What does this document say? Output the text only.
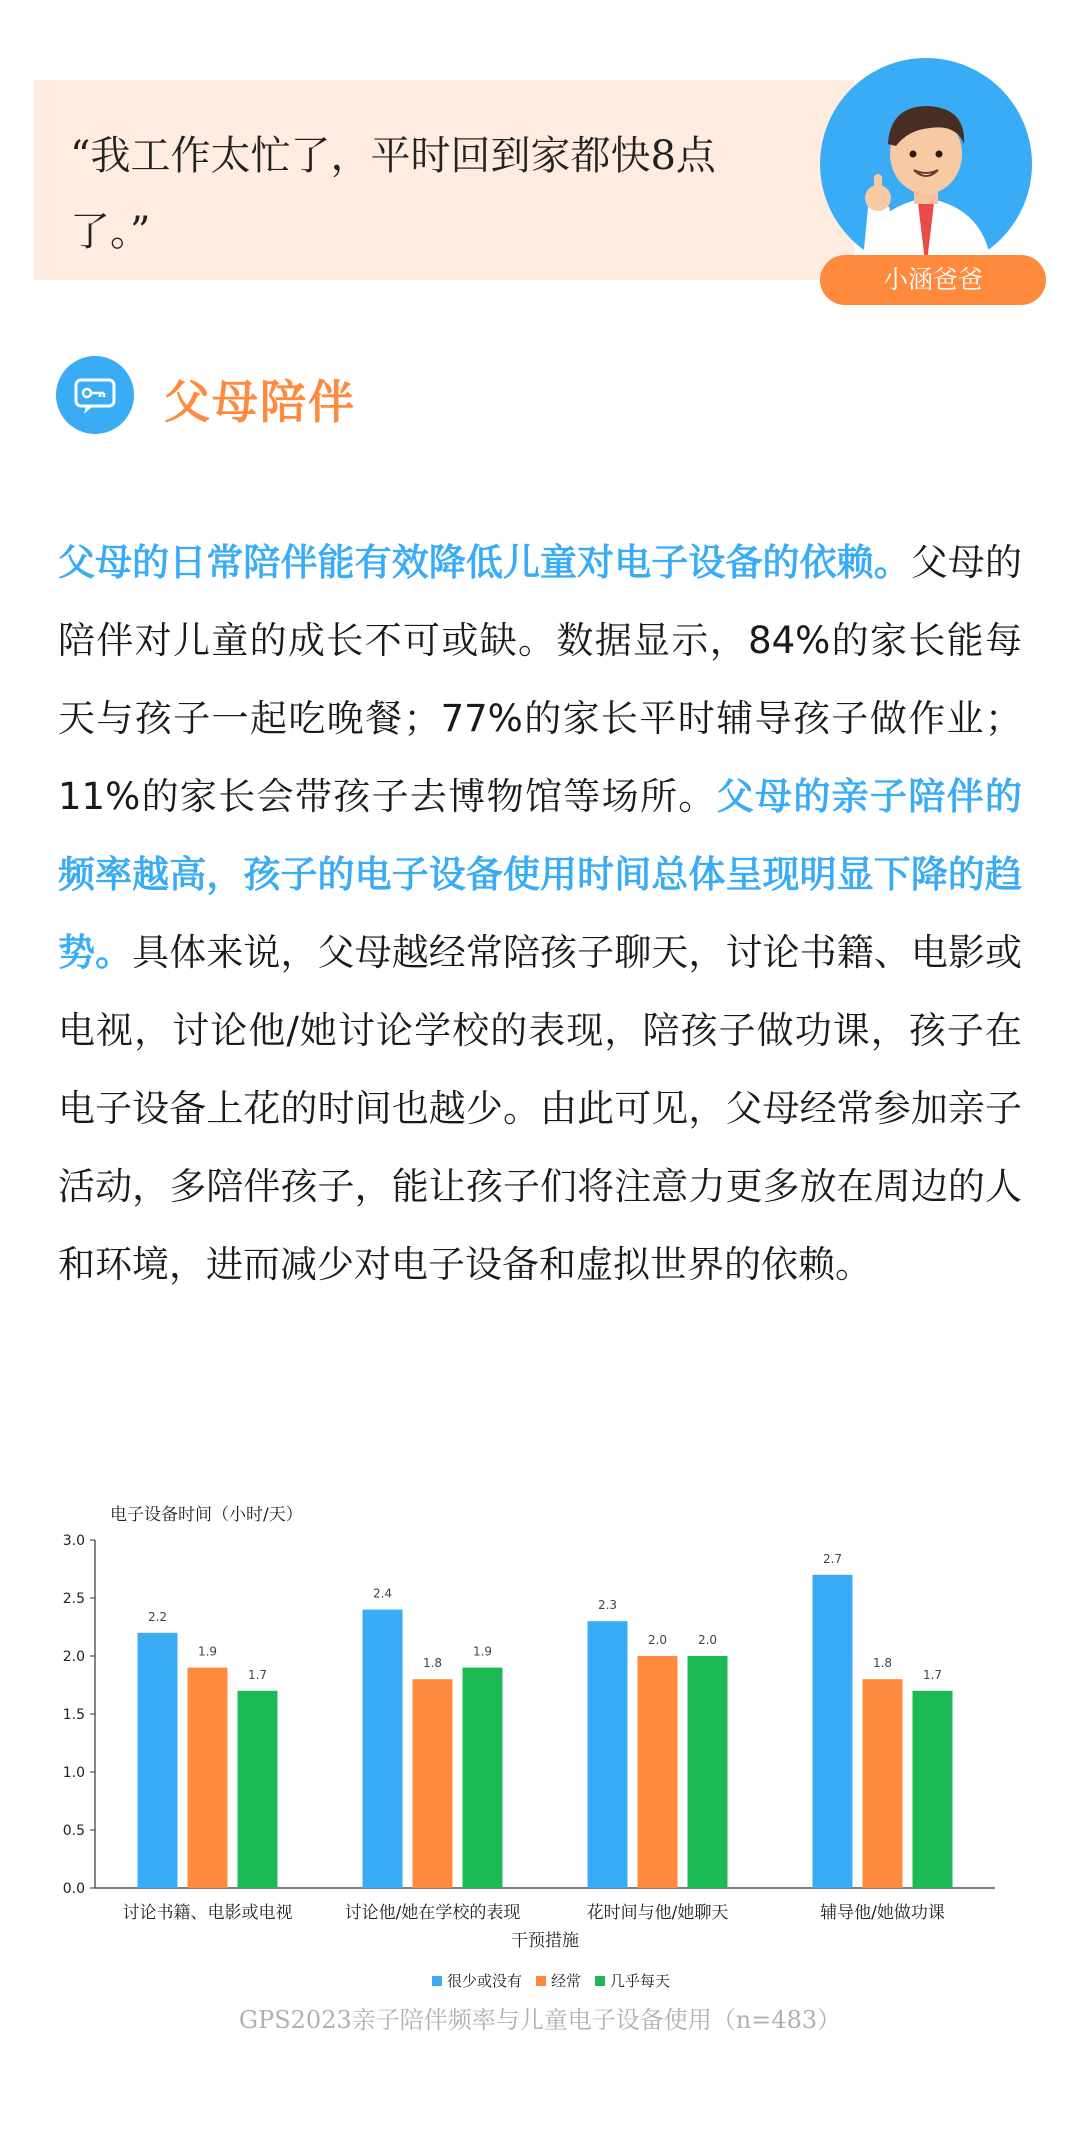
“我工作太忙了，平时回到家都快8点了。”
小涵爸爸
父母陪伴
父母的日常陪伴能有效降低儿童对电子设备的依赖。父母的陪伴对儿童的成长不可或缺。数据显示，84%的家长能每天与孩子一起吃晚餐；77%的家长平时辅导孩子做作业；11%的家长会带孩子去博物馆等场所。父母的亲子陪伴的频率越高，孩子的电子设备使用时间总体呈现明显下降的趋势。具体来说，父母越经常陪孩子聊天，讨论书籍、电影或电视，讨论他/她讨论学校的表现，陪孩子做功课，孩子在电子设备上花的时间也越少。由此可见，父母经常参加亲子活动，多陪伴孩子，能让孩子们将注意力更多放在周边的人和环境，进而减少对电子设备和虚拟世界的依赖。
电子设备时间（小时/天）
0.0
0.5
1.0
1.5
2.0
2.5
3.0
2.2
1.9
1.7
讨论书籍、电影或电视
2.4
1.8
1.9
讨论他/她在学校的表现
2.3
2.0	2.0
花时间与他/她聊天
2.7
1.8
1.7
辅导他/她做功课
干预措施
很少或没有 经常 几乎每天
GPS2023亲子陪伴频率与儿童电子设备使用（n=483）
